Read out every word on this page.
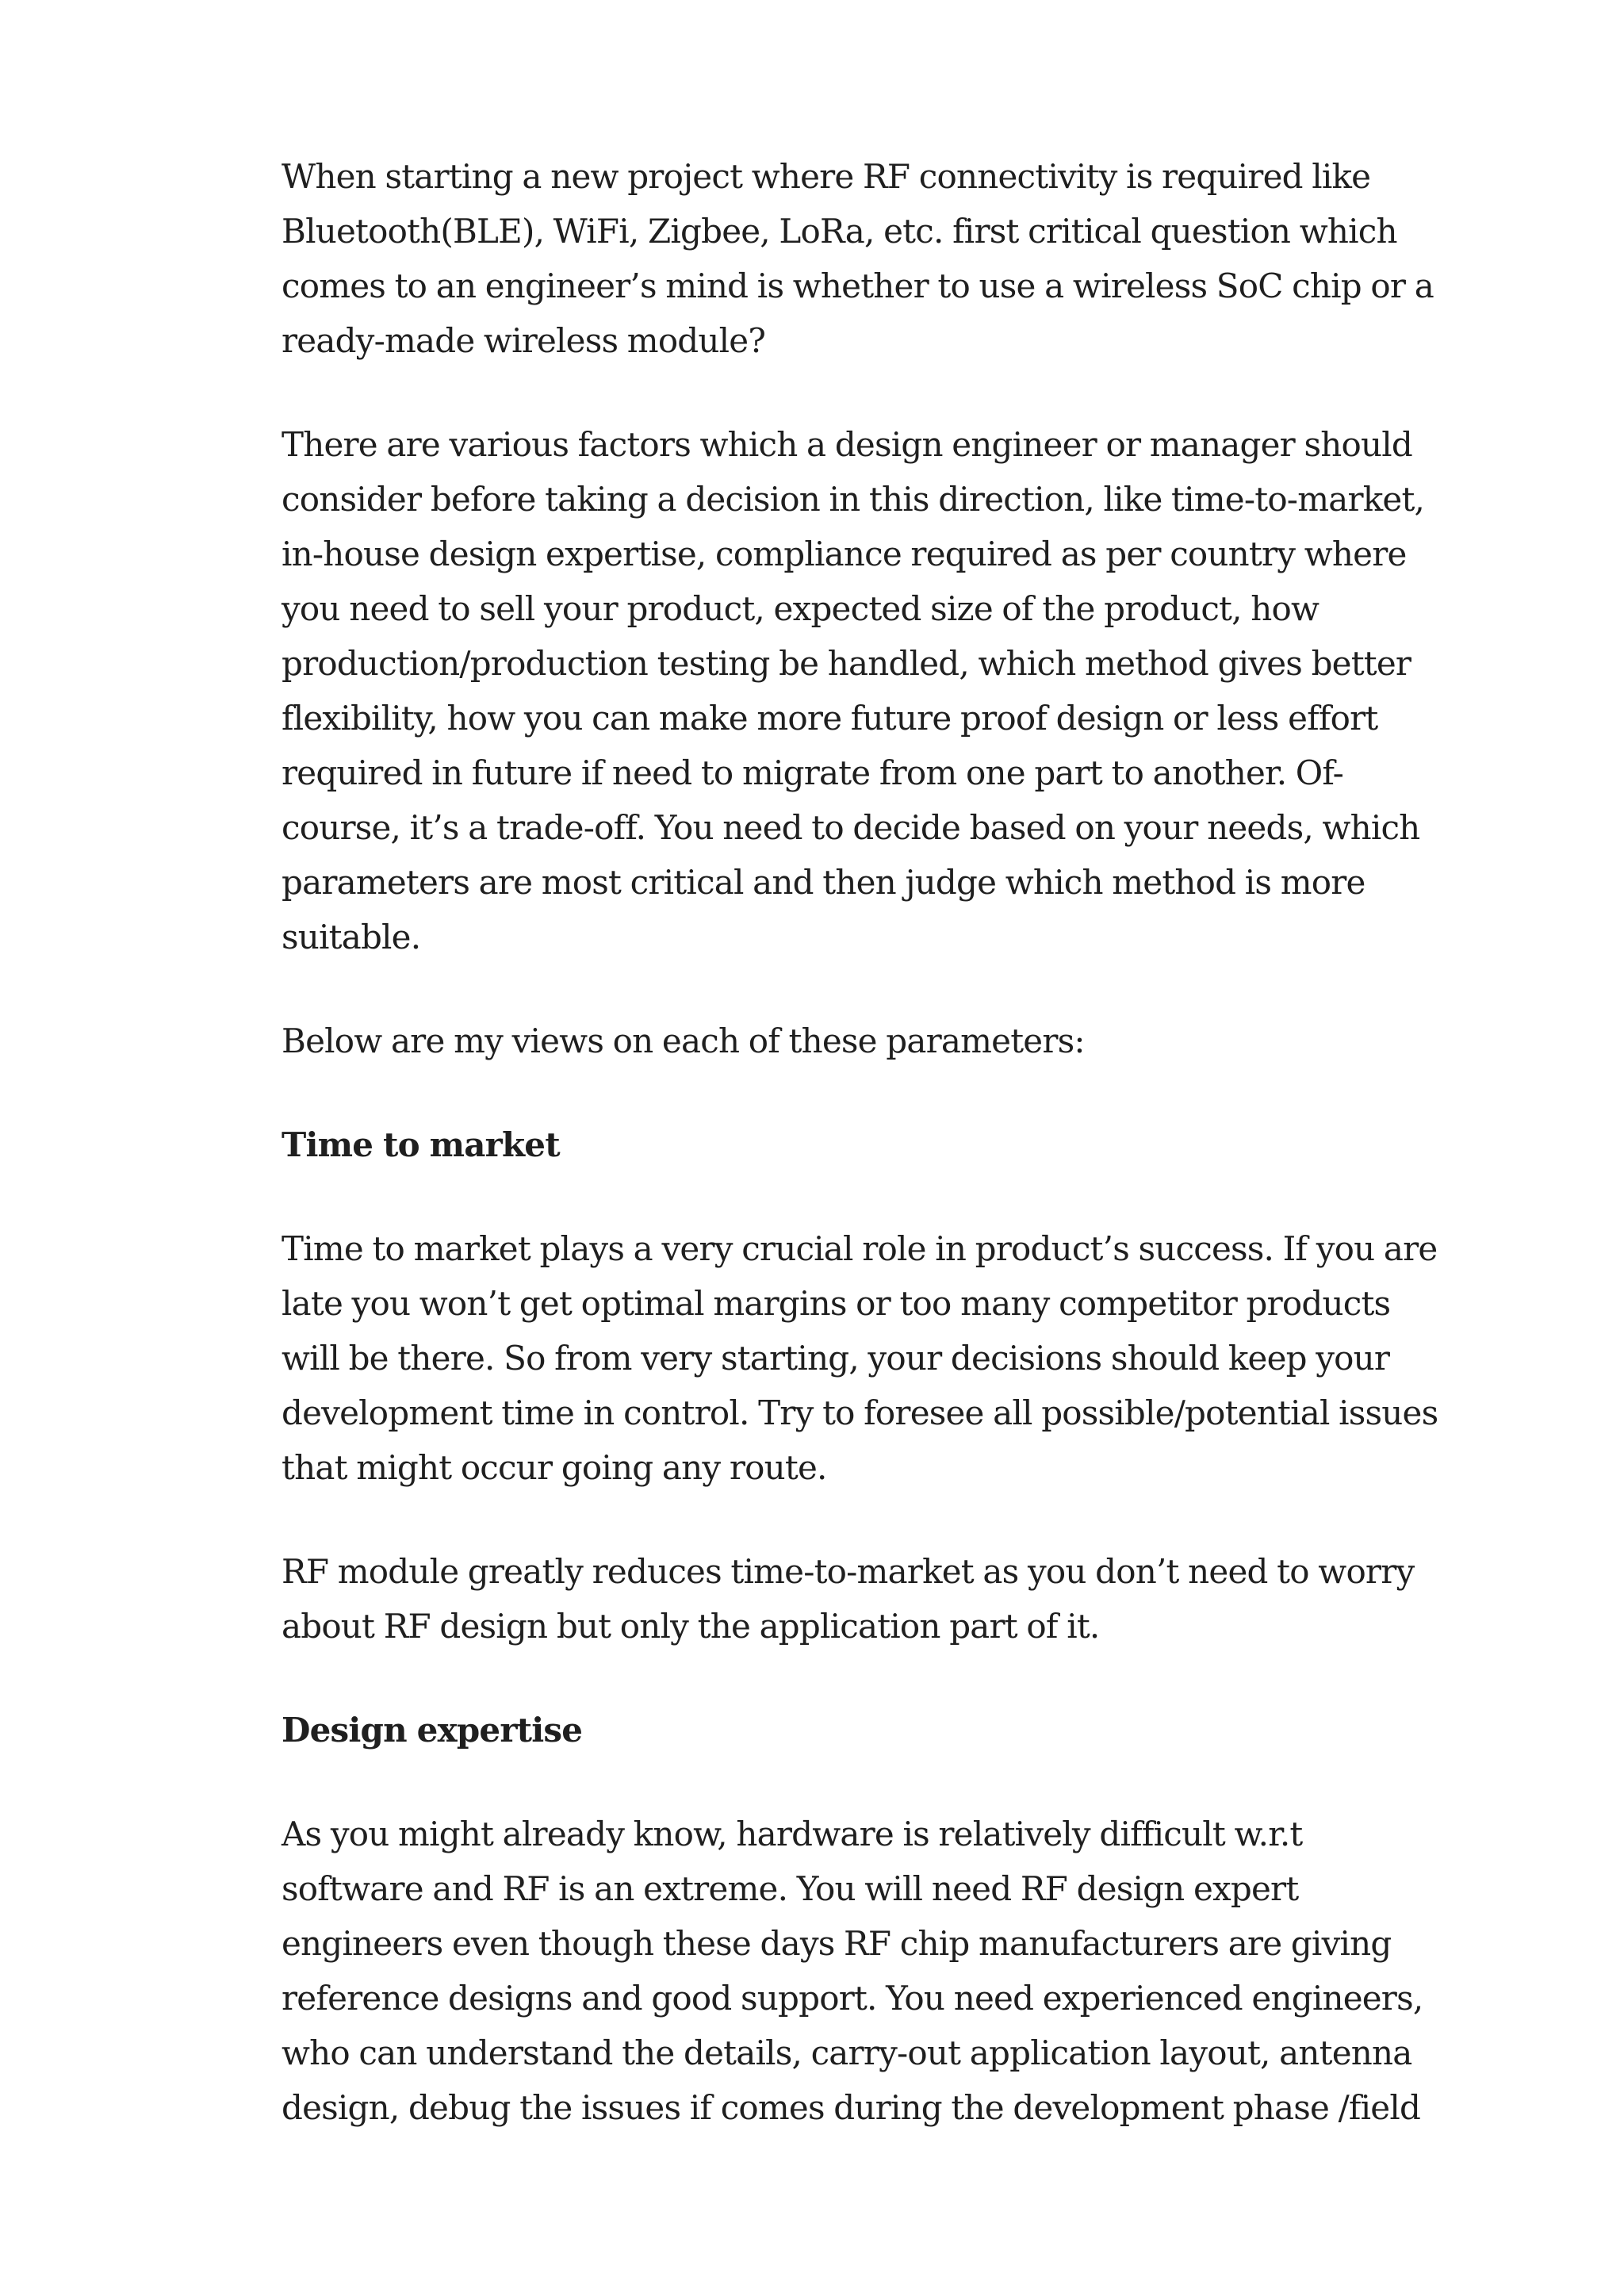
When starting a new project where RF connectivity is required like
Bluetooth(BLE), WiFi, Zigbee, LoRa, etc. first critical question which
comes to an engineer’s mind is whether to use a wireless SoC chip or a
ready-made wireless module?

There are various factors which a design engineer or manager should
consider before taking a decision in this direction, like time-to-market,
in-house design expertise, compliance required as per country where
you need to sell your product, expected size of the product, how
production/production testing be handled, which method gives better
flexibility, how you can make more future proof design or less effort
required in future if need to migrate from one part to another. Of-
course, it’s a trade-off. You need to decide based on your needs, which
parameters are most critical and then judge which method is more
suitable.

Below are my views on each of these parameters:

Time to market

Time to market plays a very crucial role in product’s success. If you are
late you won’t get optimal margins or too many competitor products
will be there. So from very starting, your decisions should keep your
development time in control. Try to foresee all possible/potential issues
that might occur going any route.

RF module greatly reduces time-to-market as you don’t need to worry
about RF design but only the application part of it.

Design expertise

As you might already know, hardware is relatively difficult w.r.t
software and RF is an extreme. You will need RF design expert
engineers even though these days RF chip manufacturers are giving
reference designs and good support. You need experienced engineers,
who can understand the details, carry-out application layout, antenna
design, debug the issues if comes during the development phase /field
